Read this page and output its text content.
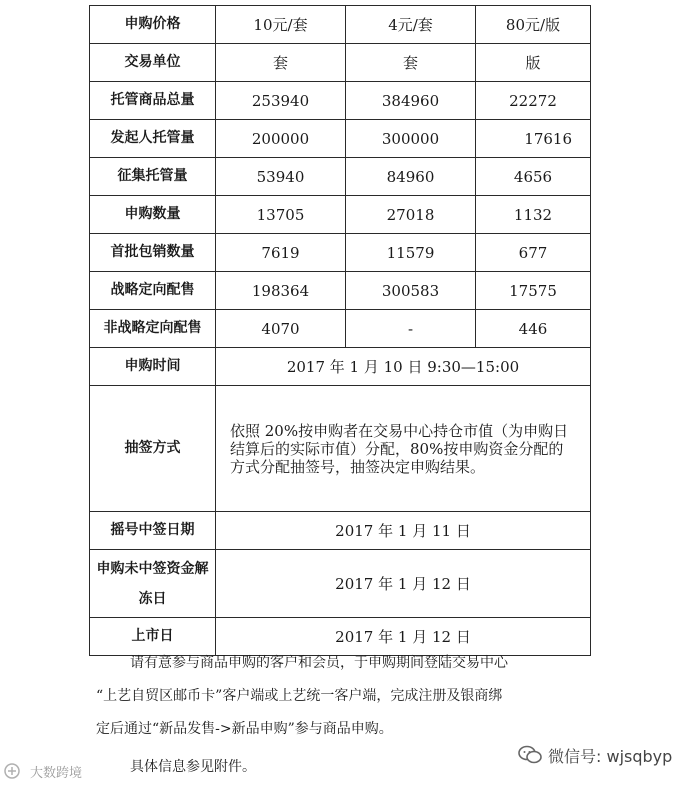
申购价格	10元/套	4元/套	80元/版
交易单位	套	套	版
托管商品总量	253940	384960	22272
发起人托管量	200000	300000	17616
征集托管量	53940	84960	4656
申购数量	13705	27018	1132
首批包销数量	7619	11579	677
战略定向配售	198364	300583	17575
非战略定向配售	4070	-	446
申购时间	2017 年 1 月 10 日 9:30—15:00		
抽签方式	依照 20%按申购者在交易中心持仓市值（为申购日结算后的实际市值）分配，80%按申购资金分配的方式分配抽签号，抽签决定申购结果。		
摇号中签日期	2017 年 1 月 11 日		
申购未中签资金解冻日	2017 年 1 月 12 日		
上市日	2017 年 1 月 12 日		

请有意参与商品申购的客户和会员，于申购期间登陆交易中心

“上艺自贸区邮币卡”客户端或上艺统一客户端，完成注册及银商绑

定后通过“新品发售->新品申购”参与商品申购。

具体信息参见附件。

微信号: wjsqbyp
大数跨境
